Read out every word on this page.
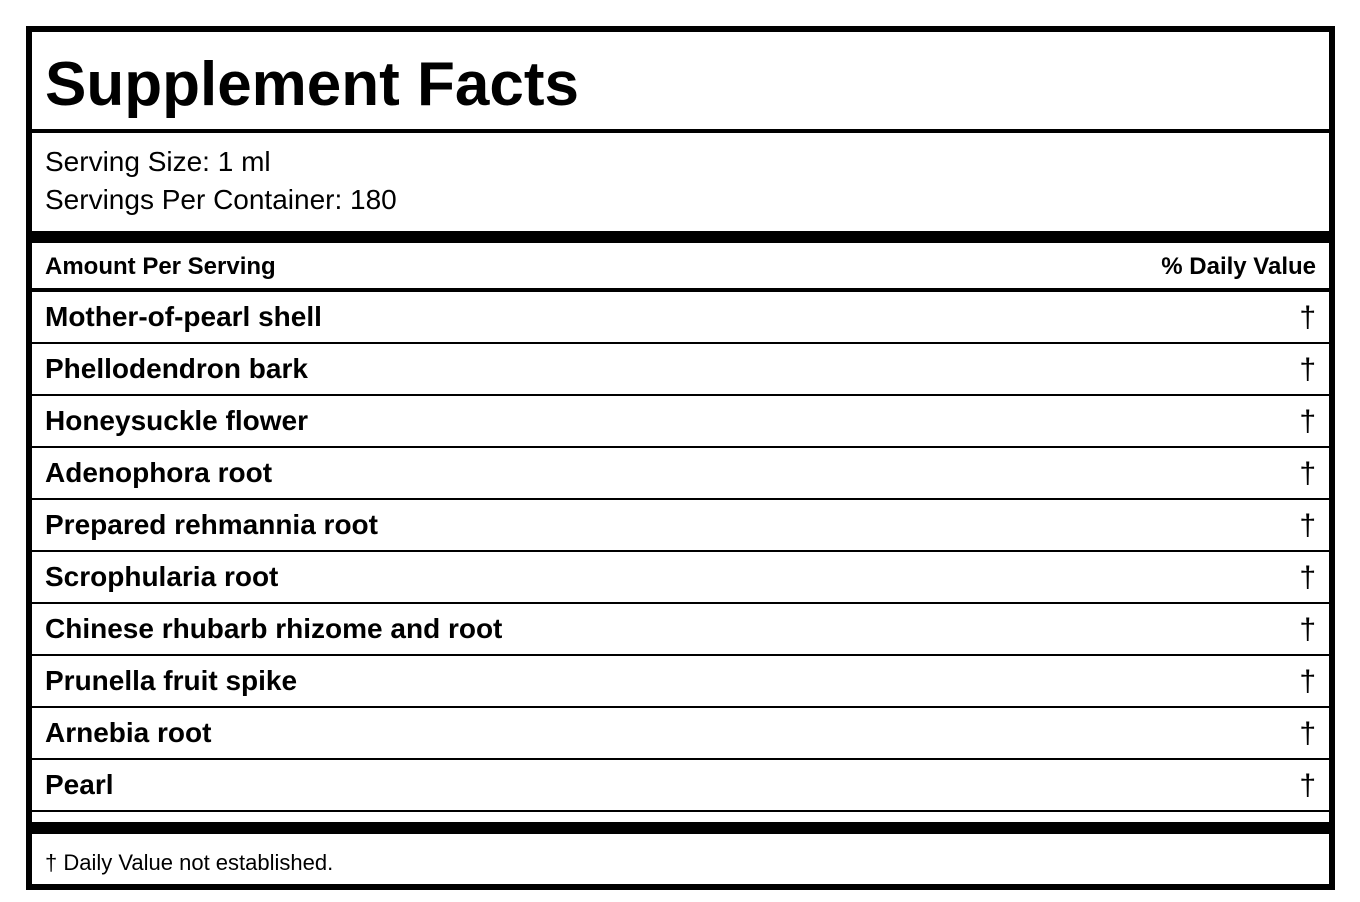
Supplement Facts
Serving Size: 1 ml
Servings Per Container: 180
Amount Per Serving	% Daily Value
Mother-of-pearl shell	†
Phellodendron bark	†
Honeysuckle flower	†
Adenophora root	†
Prepared rehmannia root	†
Scrophularia root	†
Chinese rhubarb rhizome and root	†
Prunella fruit spike	†
Arnebia root	†
Pearl	†
† Daily Value not established.
